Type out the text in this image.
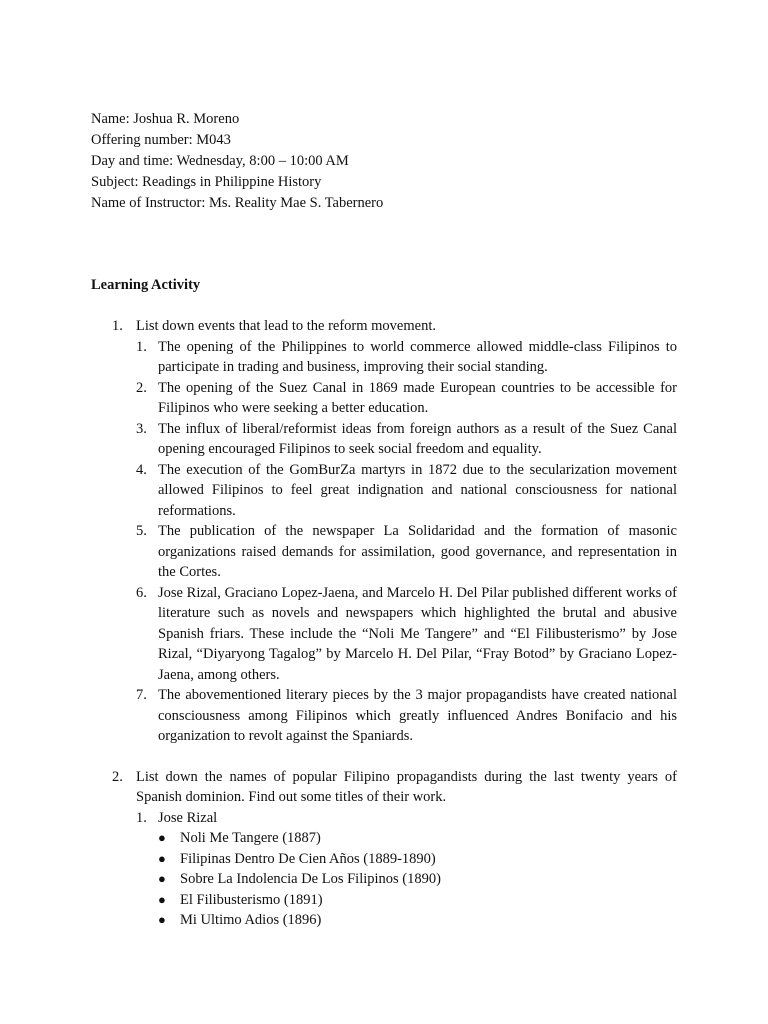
Name: Joshua R. Moreno
Offering number: M043
Day and time: Wednesday, 8:00 – 10:00 AM
Subject: Readings in Philippine History
Name of Instructor: Ms. Reality Mae S. Tabernero
Learning Activity
1. List down events that lead to the reform movement.
1. The opening of the Philippines to world commerce allowed middle-class Filipinos to participate in trading and business, improving their social standing.
2. The opening of the Suez Canal in 1869 made European countries to be accessible for Filipinos who were seeking a better education.
3. The influx of liberal/reformist ideas from foreign authors as a result of the Suez Canal opening encouraged Filipinos to seek social freedom and equality.
4. The execution of the GomBurZa martyrs in 1872 due to the secularization movement allowed Filipinos to feel great indignation and national consciousness for national reformations.
5. The publication of the newspaper La Solidaridad and the formation of masonic organizations raised demands for assimilation, good governance, and representation in the Cortes.
6. Jose Rizal, Graciano Lopez-Jaena, and Marcelo H. Del Pilar published different works of literature such as novels and newspapers which highlighted the brutal and abusive Spanish friars. These include the “Noli Me Tangere” and “El Filibusterismo” by Jose Rizal, “Diyaryong Tagalog” by Marcelo H. Del Pilar, “Fray Botod” by Graciano Lopez-Jaena, among others.
7. The abovementioned literary pieces by the 3 major propagandists have created national consciousness among Filipinos which greatly influenced Andres Bonifacio and his organization to revolt against the Spaniards.
2. List down the names of popular Filipino propagandists during the last twenty years of Spanish dominion. Find out some titles of their work.
1. Jose Rizal
● Noli Me Tangere (1887)
● Filipinas Dentro De Cien Años (1889-1890)
● Sobre La Indolencia De Los Filipinos (1890)
● El Filibusterismo (1891)
● Mi Ultimo Adios (1896)
